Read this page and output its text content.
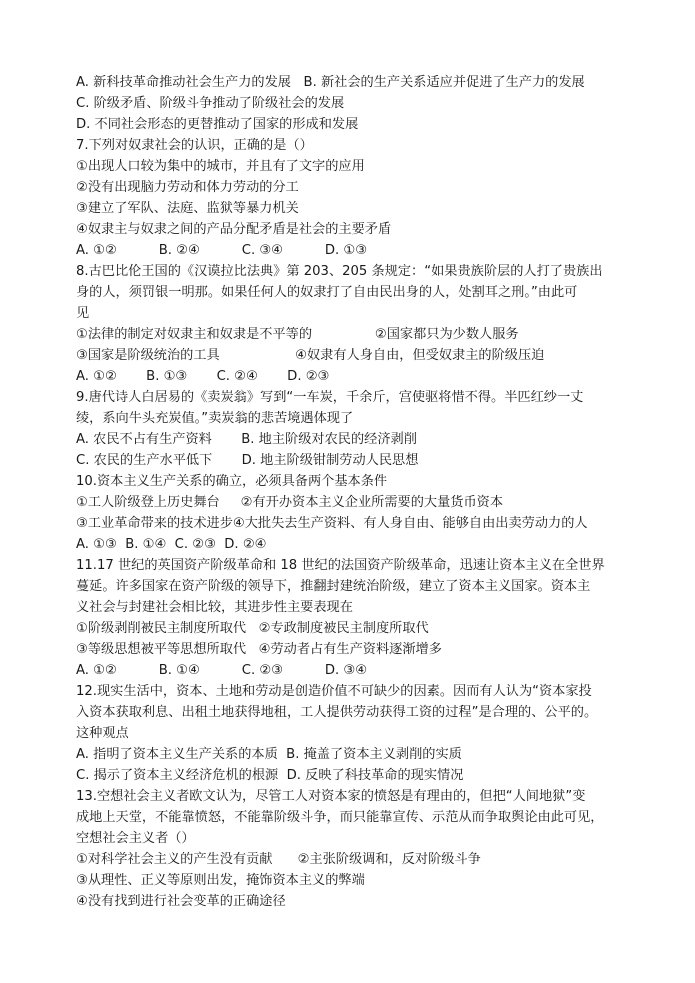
A. 新科技革命推动社会生产力的发展   B. 新社会的生产关系适应并促进了生产力的发展
C. 阶级矛盾、阶级斗争推动了阶级社会的发展
D. 不同社会形态的更替推动了国家的形成和发展
7.下列对奴隶社会的认识，正确的是（）
①出现人口较为集中的城市，并且有了文字的应用
②没有出现脑力劳动和体力劳动的分工
③建立了军队、法庭、监狱等暴力机关
④奴隶主与奴隶之间的产品分配矛盾是社会的主要矛盾
A. ①②          B. ②④          C. ③④          D. ①③
8.古巴比伦王国的《汉谟拉比法典》第 203、205 条规定：“如果贵族阶层的人打了贵族出
身的人，须罚银一明那。如果任何人的奴隶打了自由民出身的人，处割耳之刑。”由此可
见
①法律的制定对奴隶主和奴隶是不平等的               ②国家都只为少数人服务
③国家是阶级统治的工具                  ④奴隶有人身自由，但受奴隶主的阶级压迫
A. ①②       B. ①③       C. ②④       D. ②③
9.唐代诗人白居易的《卖炭翁》写到“一车炭，千余斤，宫使驱将惜不得。半匹红纱一丈
绫，系向牛头充炭值。”卖炭翁的悲苦境遇体现了
A. 农民不占有生产资料       B. 地主阶级对农民的经济剥削
C. 农民的生产水平低下       D. 地主阶级钳制劳动人民思想
10.资本主义生产关系的确立，必须具备两个基本条件
①工人阶级登上历史舞台     ②有开办资本主义企业所需要的大量货币资本
③工业革命带来的技术进步④大批失去生产资料、有人身自由、能够自由出卖劳动力的人
A. ①③  B. ①④  C. ②③  D. ②④
11.17 世纪的英国资产阶级革命和 18 世纪的法国资产阶级革命，迅速让资本主义在全世界
蔓延。许多国家在资产阶级的领导下，推翻封建统治阶级，建立了资本主义国家。资本主
义社会与封建社会相比较，其进步性主要表现在
①阶级剥削被民主制度所取代   ②专政制度被民主制度所取代
③等级思想被平等思想所取代   ④劳动者占有生产资料逐渐增多
A. ①②          B. ①④          C. ②③          D. ③④
12.现实生活中，资本、土地和劳动是创造价值不可缺少的因素。因而有人认为“资本家投
入资本获取利息、出租土地获得地租，工人提供劳动获得工资的过程”是合理的、公平的。
这种观点
A. 指明了资本主义生产关系的本质  B. 掩盖了资本主义剥削的实质
C. 揭示了资本主义经济危机的根源  D. 反映了科技革命的现实情况
13.空想社会主义者欧文认为，尽管工人对资本家的愤怒是有理由的，但把“人间地狱”变
成地上天堂，不能靠愤怒，不能靠阶级斗争，而只能靠宣传、示范从而争取舆论由此可见，
空想社会主义者（）
①对科学社会主义的产生没有贡献      ②主张阶级调和，反对阶级斗争
③从理性、正义等原则出发，掩饰资本主义的弊端
④没有找到进行社会变革的正确途径
